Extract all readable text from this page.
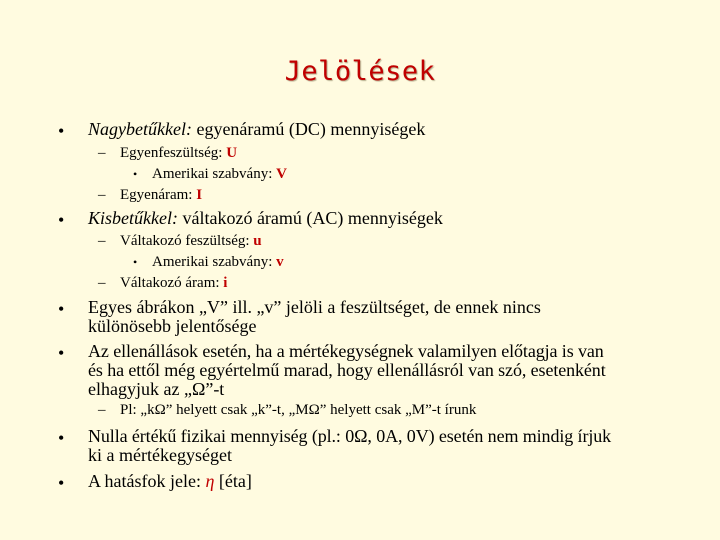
Jelölések
• Nagybetűkkel: egyenáramú (DC) mennyiségek
– Egyenfeszültség: U
• Amerikai szabvány: V
– Egyenáram: I
• Kisbetűkkel: váltakozó áramú (AC) mennyiségek
– Váltakozó feszültség: u
• Amerikai szabvány: v
– Váltakozó áram: i
• Egyes ábrákon „V” ill. „v” jelöli a feszültséget, de ennek nincs
különösebb jelentősége
• Az ellenállások esetén, ha a mértékegységnek valamilyen előtagja is van
és ha ettől még egyértelmű marad, hogy ellenállásról van szó, esetenként
elhagyjuk az „Ω”-t
– Pl: „kΩ” helyett csak „k”-t, „MΩ” helyett csak „M”-t írunk
• Nulla értékű fizikai mennyiség (pl.: 0Ω, 0A, 0V) esetén nem mindig írjuk
ki a mértékegységet
• A hatásfok jele: η [éta]
